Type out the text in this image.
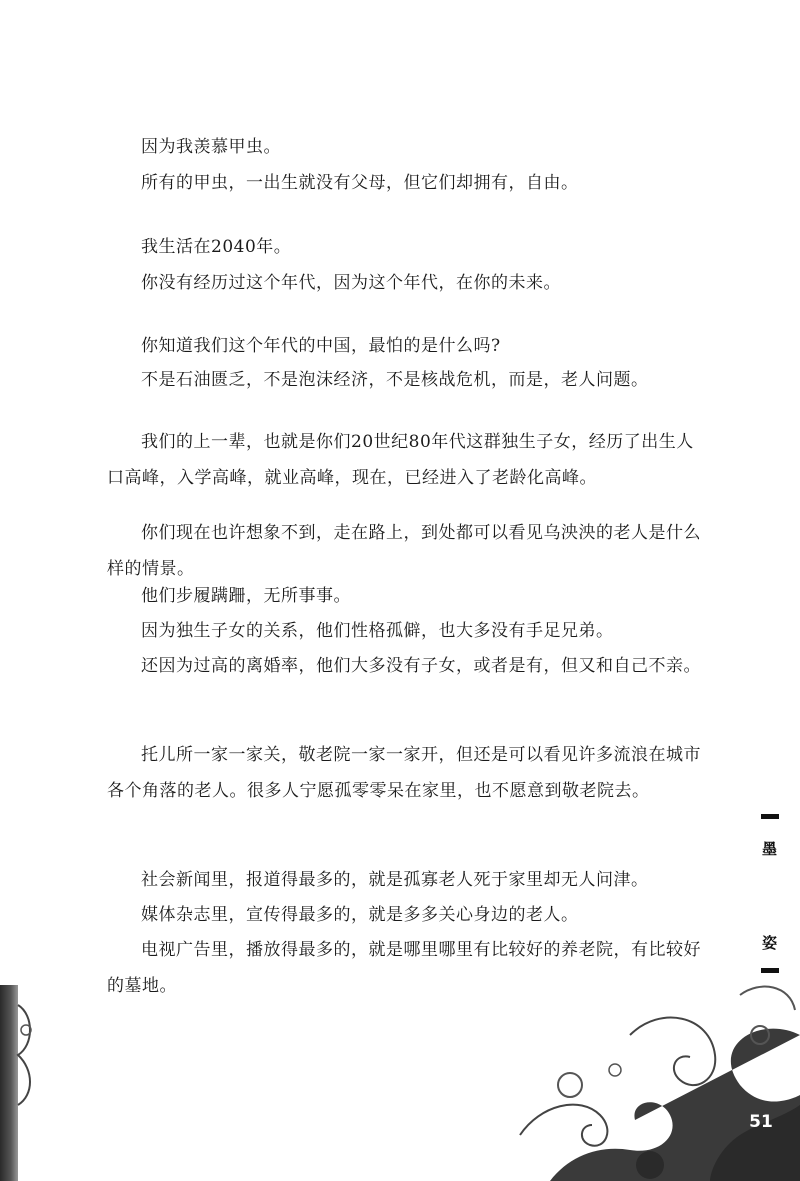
因为我羡慕甲虫。

所有的甲虫，一出生就没有父母，但它们却拥有，自由。

我生活在2040年。

你没有经历过这个年代，因为这个年代，在你的未来。

你知道我们这个年代的中国，最怕的是什么吗?

不是石油匮乏，不是泡沫经济，不是核战危机，而是，老人问题。

我们的上一辈，也就是你们20世纪80年代这群独生子女，经历了出生人口高峰，入学高峰，就业高峰，现在，已经进入了老龄化高峰。

你们现在也许想象不到，走在路上，到处都可以看见乌泱泱的老人是什么样的情景。

他们步履蹒跚，无所事事。

因为独生子女的关系，他们性格孤僻，也大多没有手足兄弟。

还因为过高的离婚率，他们大多没有子女，或者是有，但又和自己不亲。

托儿所一家一家关，敬老院一家一家开，但还是可以看见许多流浪在城市各个角落的老人。很多人宁愿孤零零呆在家里，也不愿意到敬老院去。

社会新闻里，报道得最多的，就是孤寡老人死于家里却无人问津。

媒体杂志里，宣传得最多的，就是多多关心身边的老人。

电视广告里，播放得最多的，就是哪里哪里有比较好的养老院，有比较好的墓地。

墨
姿
51
